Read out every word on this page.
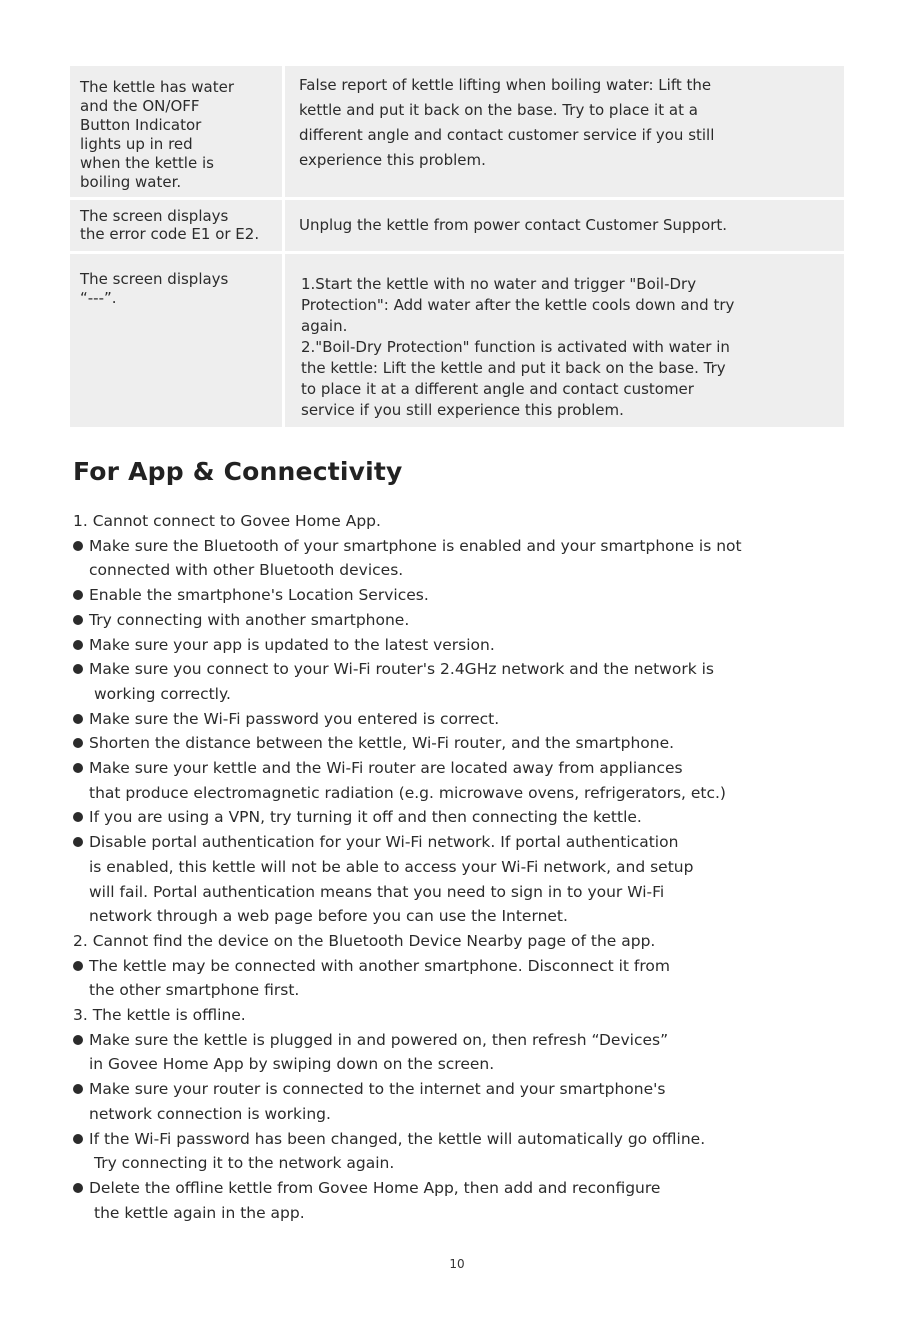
The kettle has water
and the ON/OFF
Button Indicator
lights up in red
when the kettle is
boiling water.
False report of kettle lifting when boiling water: Lift the
kettle and put it back on the base. Try to place it at a
different angle and contact customer service if you still
experience this problem.
The screen displays
the error code E1 or E2.	Unplug the kettle from power contact Customer Support.
The screen displays
“---”.
1.Start the kettle with no water and trigger "Boil-Dry
Protection": Add water after the kettle cools down and try
again.
2."Boil-Dry Protection" function is activated with water in
the kettle: Lift the kettle and put it back on the base. Try
to place it at a different angle and contact customer
service if you still experience this problem.
For App & Connectivity
1. Cannot connect to Govee Home App.
Make sure the Bluetooth of your smartphone is enabled and your smartphone is not
connected with other Bluetooth devices.
Enable the smartphone's Location Services.
Try connecting with another smartphone.
Make sure your app is updated to the latest version.
Make sure you connect to your Wi-Fi router's 2.4GHz network and the network is
working correctly.
Make sure the Wi-Fi password you entered is correct.
Shorten the distance between the kettle, Wi-Fi router, and the smartphone.
Make sure your kettle and the Wi-Fi router are located away from appliances
that produce electromagnetic radiation (e.g. microwave ovens, refrigerators, etc.)
If you are using a VPN, try turning it off and then connecting the kettle.
Disable portal authentication for your Wi-Fi network. If portal authentication
is enabled, this kettle will not be able to access your Wi-Fi network, and setup
will fail. Portal authentication means that you need to sign in to your Wi-Fi
network through a web page before you can use the Internet.
2. Cannot find the device on the Bluetooth Device Nearby page of the app.
The kettle may be connected with another smartphone. Disconnect it from
the other smartphone first.
3. The kettle is offline.
Make sure the kettle is plugged in and powered on, then refresh “Devices”
in Govee Home App by swiping down on the screen.
Make sure your router is connected to the internet and your smartphone's
network connection is working.
If the Wi-Fi password has been changed, the kettle will automatically go offline.
Try connecting it to the network again.
Delete the offline kettle from Govee Home App, then add and reconfigure
the kettle again in the app.
10
